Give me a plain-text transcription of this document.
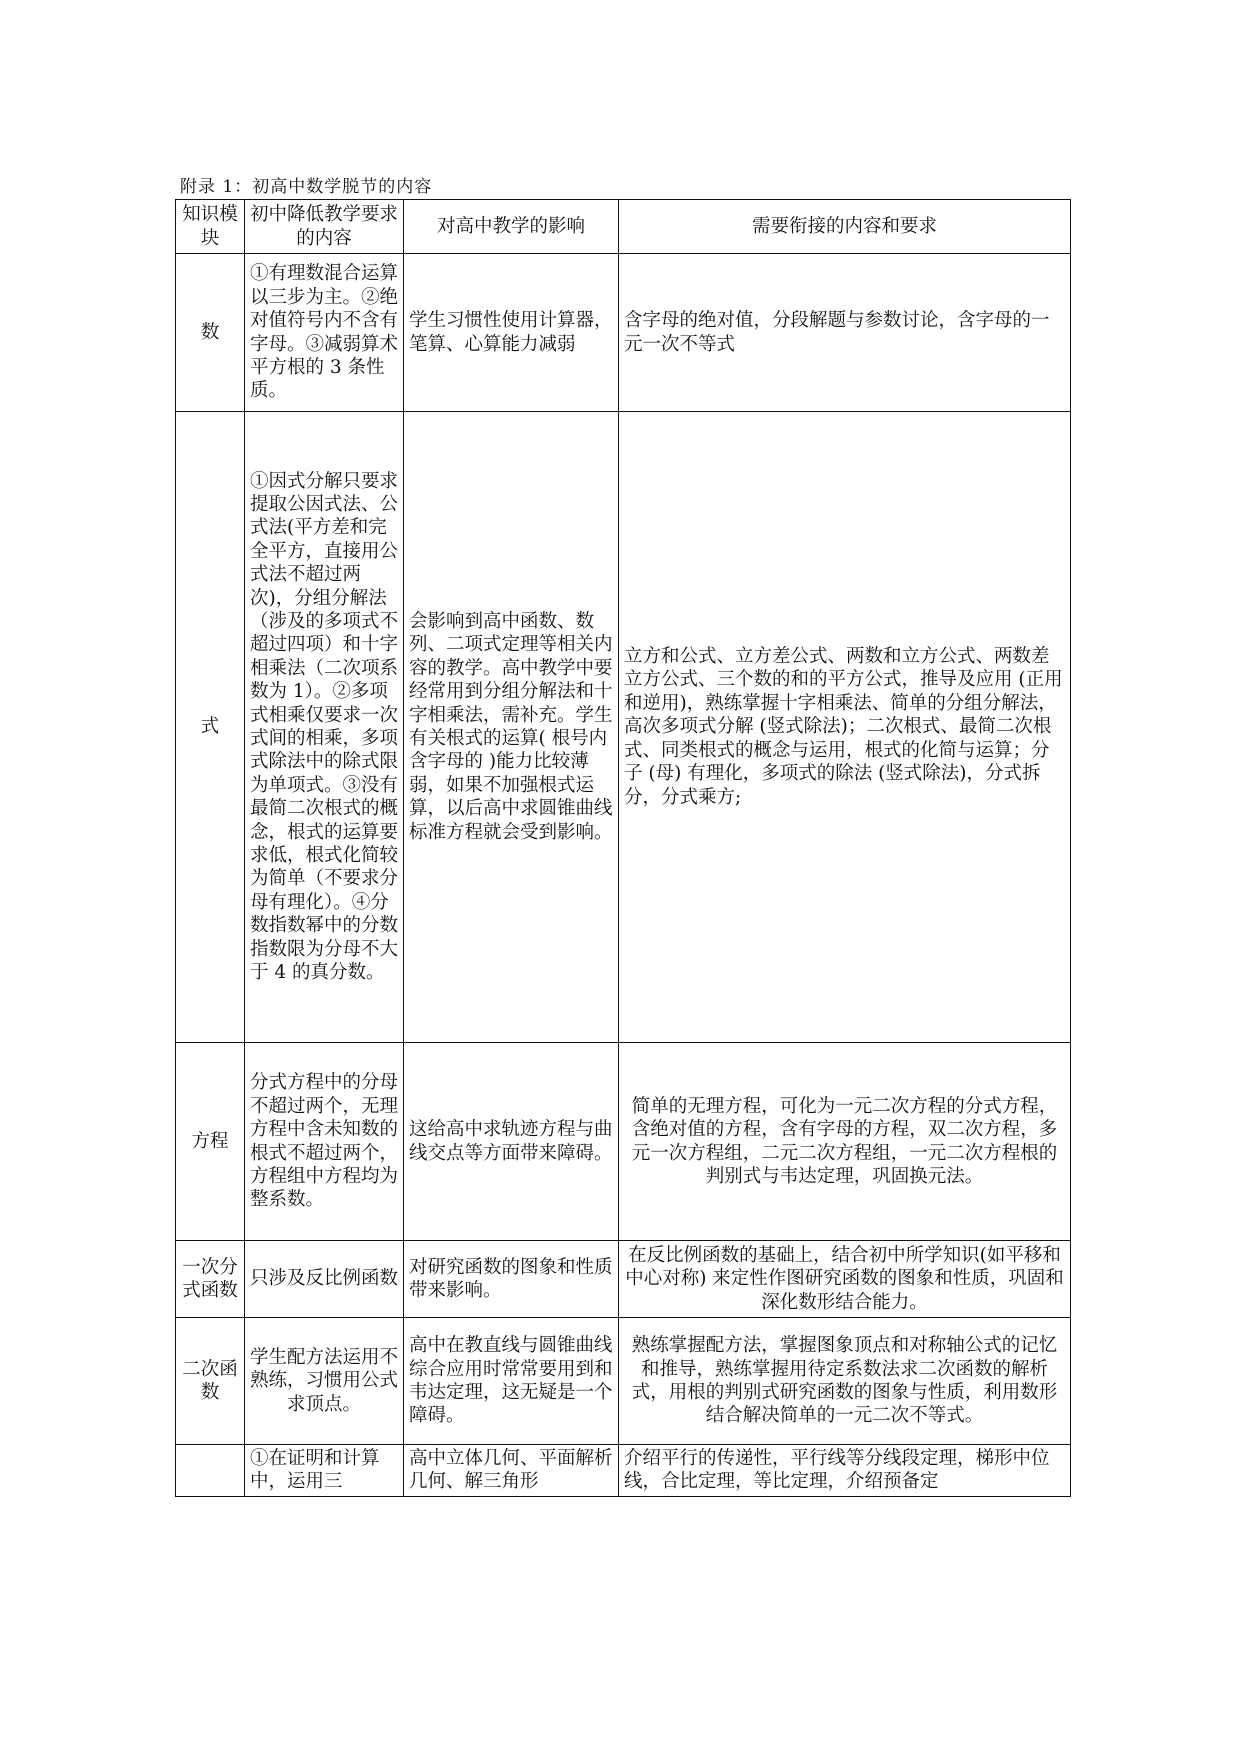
附录 1：初高中数学脱节的内容
知识模块	初中降低教学要求的内容	对高中教学的影响	需要衔接的内容和要求
数	①有理数混合运算以三步为主。②绝对值符号内不含有字母。③减弱算术平方根的 3 条性质。	学生习惯性使用计算器，笔算、心算能力减弱	含字母的绝对值，分段解题与参数讨论，含字母的一元一次不等式
式	①因式分解只要求提取公因式法、公式法(平方差和完全平方，直接用公式法不超过两次)，分组分解法（涉及的多项式不超过四项）和十字相乘法（二次项系数为 1）。②多项式相乘仅要求一次式间的相乘，多项式除法中的除式限为单项式。③没有最简二次根式的概念，根式的运算要求低，根式化简较为简单（不要求分母有理化）。④分数指数幂中的分数指数限为分母不大于 4 的真分数。	会影响到高中函数、数列、二项式定理等相关内容的教学。高中教学中要经常用到分组分解法和十字相乘法，需补充。学生有关根式的运算( 根号内含字母的 )能力比较薄弱，如果不加强根式运算，以后高中求圆锥曲线标准方程就会受到影响。	立方和公式、立方差公式、两数和立方公式、两数差立方公式、三个数的和的平方公式，推导及应用 (正用和逆用)，熟练掌握十字相乘法、简单的分组分解法，高次多项式分解 (竖式除法)；二次根式、最简二次根式、同类根式的概念与运用，根式的化简与运算；分子 (母) 有理化，多项式的除法 (竖式除法)，分式拆分，分式乘方;
方程	分式方程中的分母不超过两个，无理方程中含未知数的根式不超过两个，方程组中方程均为整系数。	这给高中求轨迹方程与曲线交点等方面带来障碍。	简单的无理方程，可化为一元二次方程的分式方程，含绝对值的方程，含有字母的方程，双二次方程，多元一次方程组，二元二次方程组，一元二次方程根的判别式与韦达定理，巩固换元法。
一次分式函数	只涉及反比例函数	对研究函数的图象和性质带来影响。	在反比例函数的基础上，结合初中所学知识(如平移和中心对称) 来定性作图研究函数的图象和性质，巩固和深化数形结合能力。
二次函数	学生配方法运用不熟练，习惯用公式求顶点。	高中在教直线与圆锥曲线综合应用时常常要用到和韦达定理，这无疑是一个障碍。	熟练掌握配方法，掌握图象顶点和对称轴公式的记忆和推导，熟练掌握用待定系数法求二次函数的解析式，用根的判别式研究函数的图象与性质，利用数形结合解决简单的一元二次不等式。
	①在证明和计算中，运用三	高中立体几何、平面解析几何、解三角形	介绍平行的传递性，平行线等分线段定理，梯形中位线，合比定理，等比定理，介绍预备定
